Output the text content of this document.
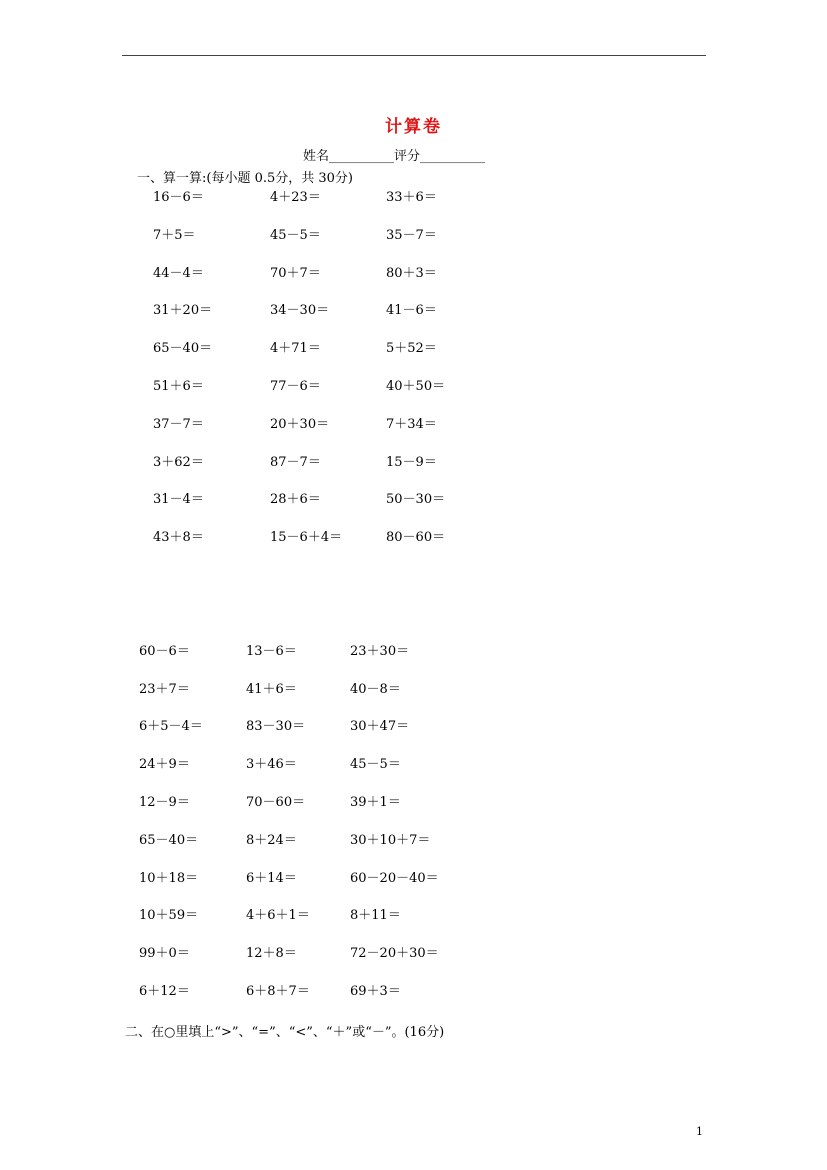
计算卷
姓名__________评分__________
一、算一算:(每小题 0.5分，共 30分)
16－6＝
7＋5＝
44－4＝
31＋20＝
65－40＝
51＋6＝
37－7＝
3＋62＝
31－4＝
43＋8＝
4＋23＝
45－5＝
70＋7＝
34－30＝
4＋71＝
77－6＝
20＋30＝
87－7＝
28＋6＝
15－6＋4＝
33＋6＝
35－7＝
80＋3＝
41－6＝
5＋52＝
40＋50＝
7＋34＝
15－9＝
50－30＝
80－60＝
60－6＝
23＋7＝
6＋5－4＝
24＋9＝
12－9＝
65－40＝
10＋18＝
10＋59＝
99＋0＝
6＋12＝
13－6＝
41＋6＝
83－30＝
3＋46＝
70－60＝
8＋24＝
6＋14＝
4＋6＋1＝
12＋8＝
6＋8＋7＝
23＋30＝
40－8＝
30＋47＝
45－5＝
39＋1＝
30＋10＋7＝
60－20－40＝
8＋11＝
72－20＋30＝
69＋3＝
二、在○里填上“>”、“=”、“<”、“＋”或“－”。(16分)
1
